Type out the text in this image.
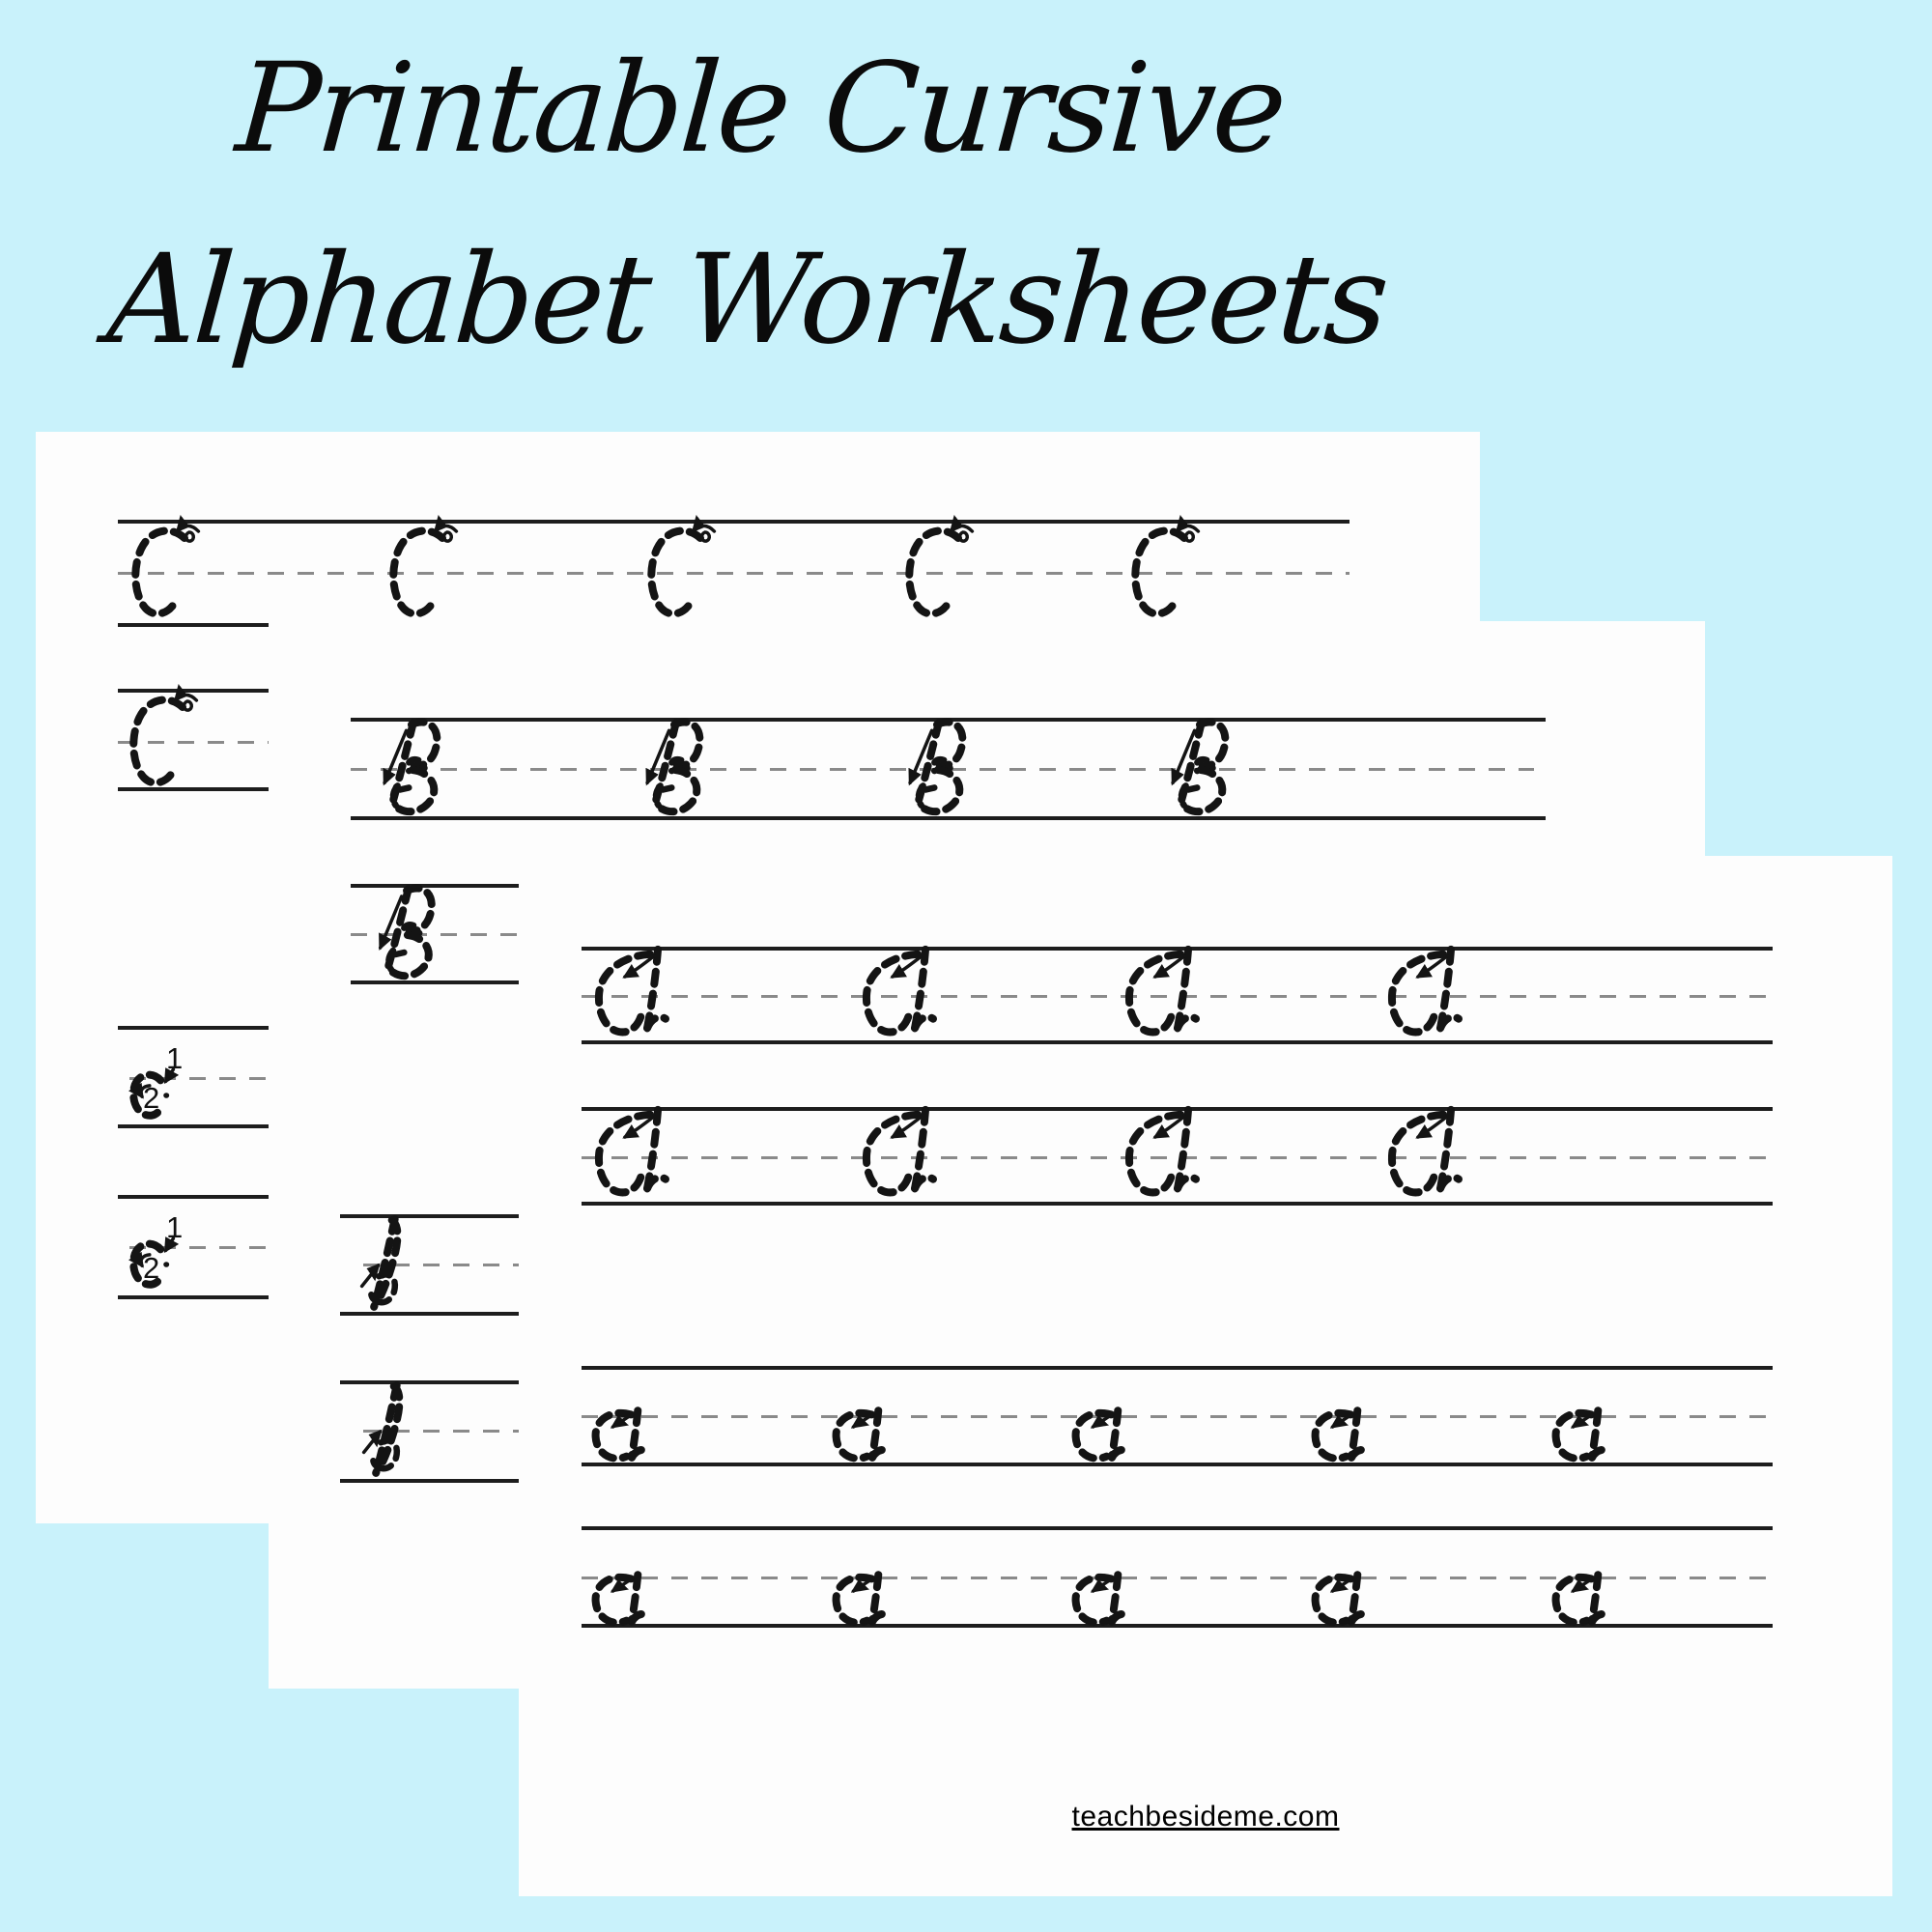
1
2
1
2
teachbesideme.com
Printable Cursive
Alphabet Worksheets
